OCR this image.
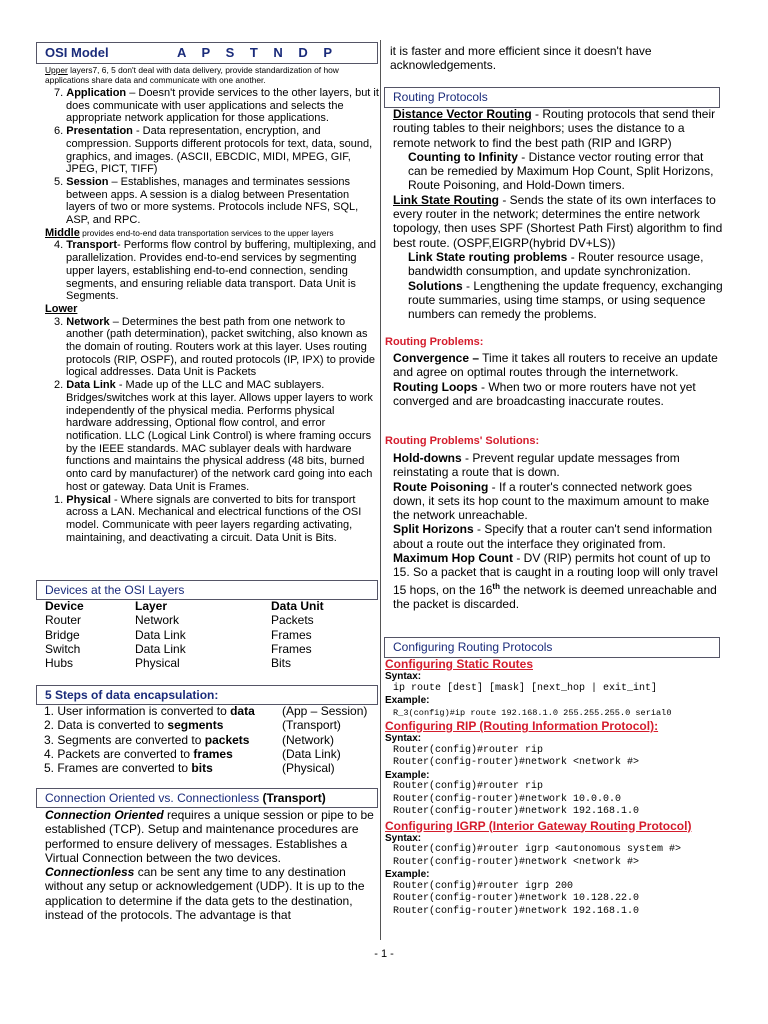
OSI Model	A P S T N D P
Upper layers7, 6, 5 don't deal with data delivery, provide standardization of how applications share data and communicate with one another.
7. Application – Doesn't provide services to the other layers, but it does communicate with user applications and selects the appropriate network application for those applications.
6. Presentation - Data representation, encryption, and compression. Supports different protocols for text, data, sound, graphics, and images. (ASCII, EBCDIC, MIDI, MPEG, GIF, JPEG, PICT, TIFF)
5. Session – Establishes, manages and terminates sessions between apps. A session is a dialog between Presentation layers of two or more systems. Protocols include NFS, SQL, ASP, and RPC.
Middle provides end-to-end data transportation services to the upper layers
4. Transport- Performs flow control by buffering, multiplexing, and parallelization. Provides end-to-end services by segmenting upper layers, establishing end-to-end connection, sending segments, and ensuring reliable data transport. Data Unit is Segments.
Lower
3. Network – Determines the best path from one network to another (path determination), packet switching, also known as the domain of routing. Routers work at this layer. Uses routing protocols (RIP, OSPF), and routed protocols (IP, IPX) to provide logical addresses. Data Unit is Packets
2. Data Link - Made up of the LLC and MAC sublayers. Bridges/switches work at this layer. Allows upper layers to work independently of the physical media. Performs physical hardware addressing, Optional flow control, and error notification. LLC (Logical Link Control) is where framing occurs by the IEEE standards. MAC sublayer deals with hardware functions and maintains the physical address (48 bits, burned onto card by manufacturer) of the network card going into each host or gateway. Data Unit is Frames.
1. Physical - Where signals are converted to bits for transport across a LAN. Mechanical and electrical functions of the OSI model. Communicate with peer layers regarding activating, maintaining, and deactivating a circuit. Data Unit is Bits.
Devices at the OSI Layers
Device	Layer	Data Unit
Router	Network	Packets
Bridge	Data Link	Frames
Switch	Data Link	Frames
Hubs	Physical	Bits
5 Steps of data encapsulation:
1. User information is converted to data	(App – Session)
2. Data is converted to segments	(Transport)
3. Segments are converted to packets	(Network)
4. Packets are converted to frames	(Data Link)
5. Frames are converted to bits	(Physical)
Connection Oriented vs. Connectionless (Transport)
Connection Oriented requires a unique session or pipe to be established (TCP). Setup and maintenance procedures are performed to ensure delivery of messages. Establishes a Virtual Connection between the two devices.
Connectionless can be sent any time to any destination without any setup or acknowledgement (UDP). It is up to the application to determine if the data gets to the destination, instead of the protocols. The advantage is that
it is faster and more efficient since it doesn't have acknowledgements.
Routing Protocols
Distance Vector Routing - Routing protocols that send their routing tables to their neighbors; uses the distance to a remote network to find the best path (RIP and IGRP)
Counting to Infinity - Distance vector routing error that can be remedied by Maximum Hop Count, Split Horizons, Route Poisoning, and Hold-Down timers.
Link State Routing - Sends the state of its own interfaces to every router in the network; determines the entire network topology, then uses SPF (Shortest Path First) algorithm to find best route. (OSPF,EIGRP(hybrid DV+LS))
Link State routing problems - Router resource usage, bandwidth consumption, and update synchronization.
Solutions - Lengthening the update frequency, exchanging route summaries, using time stamps, or using sequence numbers can remedy the problems.
Routing Problems:
Convergence – Time it takes all routers to receive an update and agree on optimal routes through the internetwork.
Routing Loops - When two or more routers have not yet converged and are broadcasting inaccurate routes.
Routing Problems' Solutions:
Hold-downs - Prevent regular update messages from reinstating a route that is down.
Route Poisoning - If a router's connected network goes down, it sets its hop count to the maximum amount to make the network unreachable.
Split Horizons - Specify that a router can't send information about a route out the interface they originated from.
Maximum Hop Count - DV (RIP) permits hot count of up to 15. So a packet that is caught in a routing loop will only travel 15 hops, on the 16th the network is deemed unreachable and the packet is discarded.
Configuring Routing Protocols
Configuring Static Routes
Syntax:
ip route [dest] [mask] [next_hop | exit_int]
Example:
R_3(config)#ip route 192.168.1.0 255.255.255.0 serial0
Configuring RIP (Routing Information Protocol):
Syntax:
Router(config)#router rip
Router(config-router)#network <network #>
Example:
Router(config)#router rip
Router(config-router)#network 10.0.0.0
Router(config-router)#network 192.168.1.0
Configuring IGRP (Interior Gateway Routing Protocol)
Syntax:
Router(config)#router igrp <autonomous system #>
Router(config-router)#network <network #>
Example:
Router(config)#router igrp 200
Router(config-router)#network 10.128.22.0
Router(config-router)#network 192.168.1.0
- 1 -
